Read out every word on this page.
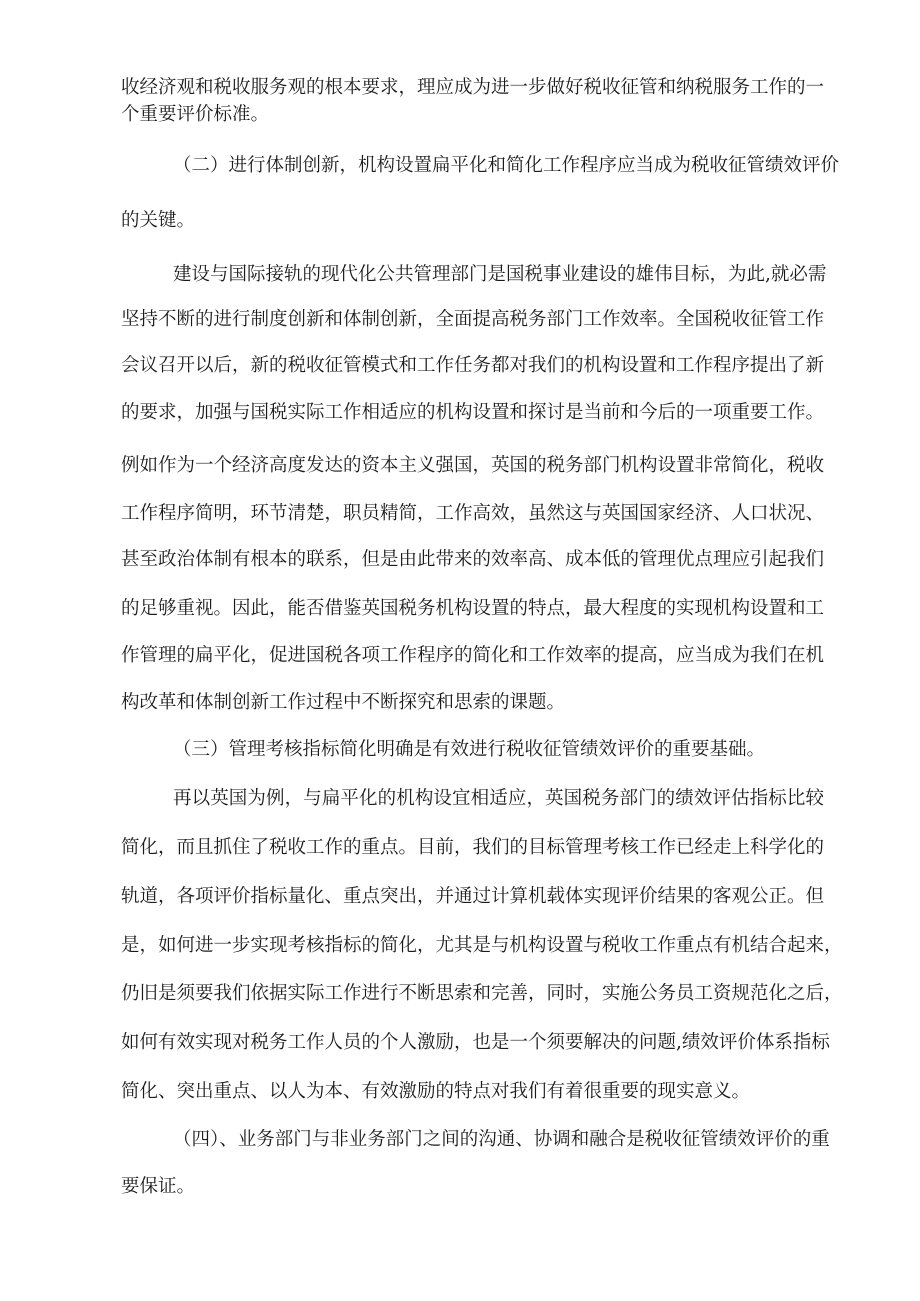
收经济观和税收服务观的根本要求，理应成为进一步做好税收征管和纳税服务工作的一
个重要评价标准。
（二）进行体制创新，机构设置扁平化和简化工作程序应当成为税收征管绩效评价
的关键。
建设与国际接轨的现代化公共管理部门是国税事业建设的雄伟目标，为此,就必需
坚持不断的进行制度创新和体制创新，全面提高税务部门工作效率。全国税收征管工作
会议召开以后，新的税收征管模式和工作任务都对我们的机构设置和工作程序提出了新
的要求，加强与国税实际工作相适应的机构设置和探讨是当前和今后的一项重要工作。
例如作为一个经济高度发达的资本主义强国，英国的税务部门机构设置非常简化，税收
工作程序简明，环节清楚，职员精简，工作高效，虽然这与英国国家经济、人口状况、
甚至政治体制有根本的联系，但是由此带来的效率高、成本低的管理优点理应引起我们
的足够重视。因此，能否借鉴英国税务机构设置的特点，最大程度的实现机构设置和工
作管理的扁平化，促进国税各项工作程序的简化和工作效率的提高，应当成为我们在机
构改革和体制创新工作过程中不断探究和思索的课题。
（三）管理考核指标简化明确是有效进行税收征管绩效评价的重要基础。
再以英国为例，与扁平化的机构设宜相适应，英国税务部门的绩效评估指标比较
简化，而且抓住了税收工作的重点。目前，我们的目标管理考核工作已经走上科学化的
轨道，各项评价指标量化、重点突出，并通过计算机载体实现评价结果的客观公正。但
是，如何进一步实现考核指标的简化，尤其是与机构设置与税收工作重点有机结合起来，
仍旧是须要我们依据实际工作进行不断思索和完善，同时，实施公务员工资规范化之后，
如何有效实现对税务工作人员的个人激励，也是一个须要解决的问题,绩效评价体系指标
简化、突出重点、以人为本、有效激励的特点对我们有着很重要的现实意义。
（四）、业务部门与非业务部门之间的沟通、协调和融合是税收征管绩效评价的重
要保证。
